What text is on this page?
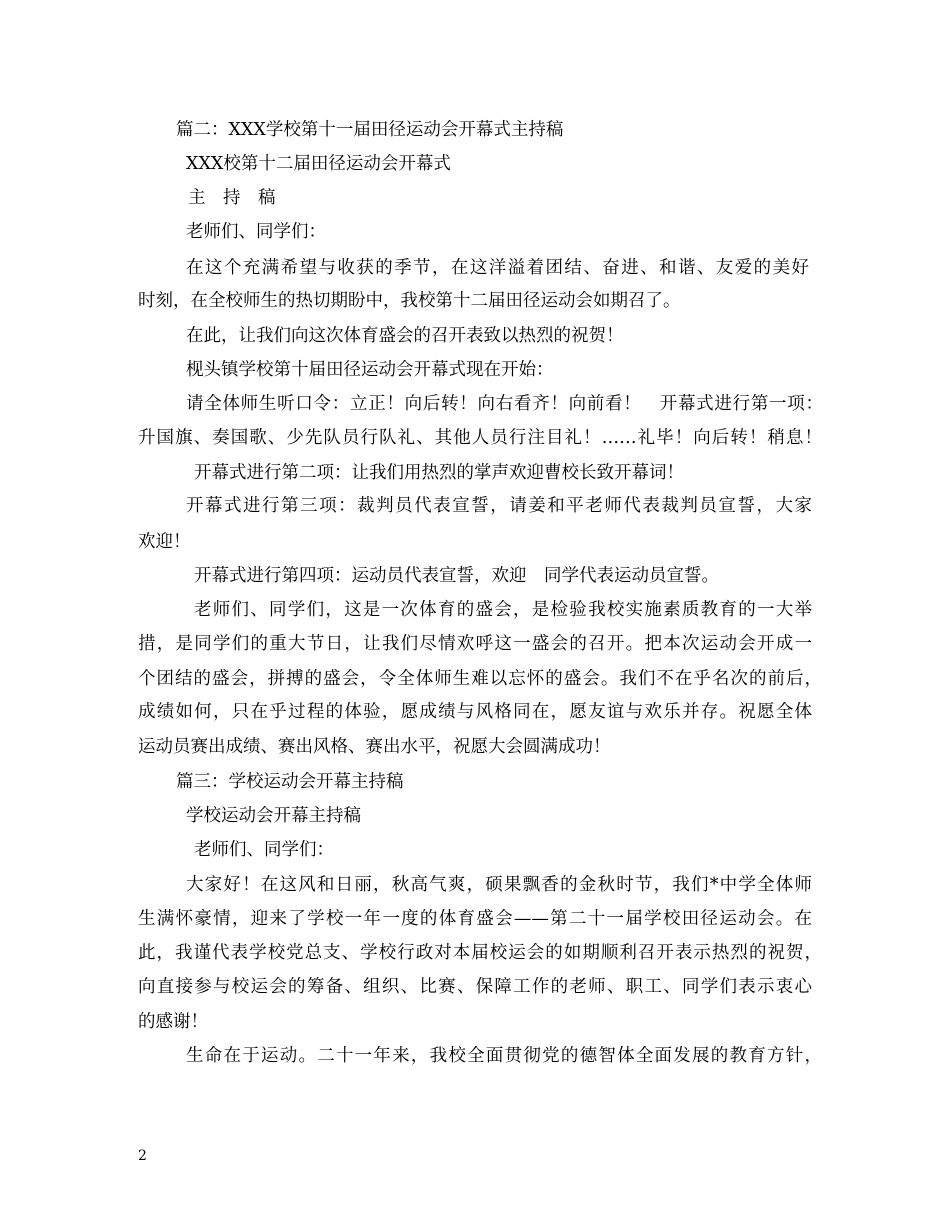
篇二：XXX学校第十一届田径运动会开幕式主持稿
XXX校第十二届田径运动会开幕式
主　持　稿
老师们、同学们：
在这个充满希望与收获的季节，在这洋溢着团结、奋进、和谐、友爱的美好
时刻，在全校师生的热切期盼中，我校第十二届田径运动会如期召了。
在此，让我们向这次体育盛会的召开表致以热烈的祝贺！
枧头镇学校第十届田径运动会开幕式现在开始：
请全体师生听口令：立正！向后转！向右看齐！向前看！　开幕式进行第一项：
升国旗、奏国歌、少先队员行队礼、其他人员行注目礼！……礼毕！向后转！稍息！
开幕式进行第二项：让我们用热烈的掌声欢迎曹校长致开幕词！
开幕式进行第三项：裁判员代表宣誓，请姜和平老师代表裁判员宣誓，大家
欢迎！
开幕式进行第四项：运动员代表宣誓，欢迎　同学代表运动员宣誓。
老师们、同学们，这是一次体育的盛会，是检验我校实施素质教育的一大举
措，是同学们的重大节日，让我们尽情欢呼这一盛会的召开。把本次运动会开成一
个团结的盛会，拼搏的盛会，令全体师生难以忘怀的盛会。我们不在乎名次的前后，
成绩如何，只在乎过程的体验，愿成绩与风格同在，愿友谊与欢乐并存。祝愿全体
运动员赛出成绩、赛出风格、赛出水平，祝愿大会圆满成功！
篇三：学校运动会开幕主持稿
学校运动会开幕主持稿
老师们、同学们：
大家好！在这风和日丽，秋高气爽，硕果飘香的金秋时节，我们*中学全体师
生满怀豪情，迎来了学校一年一度的体育盛会——第二十一届学校田径运动会。在
此，我谨代表学校党总支、学校行政对本届校运会的如期顺利召开表示热烈的祝贺，
向直接参与校运会的筹备、组织、比赛、保障工作的老师、职工、同学们表示衷心
的感谢！
生命在于运动。二十一年来，我校全面贯彻党的德智体全面发展的教育方针，
2
